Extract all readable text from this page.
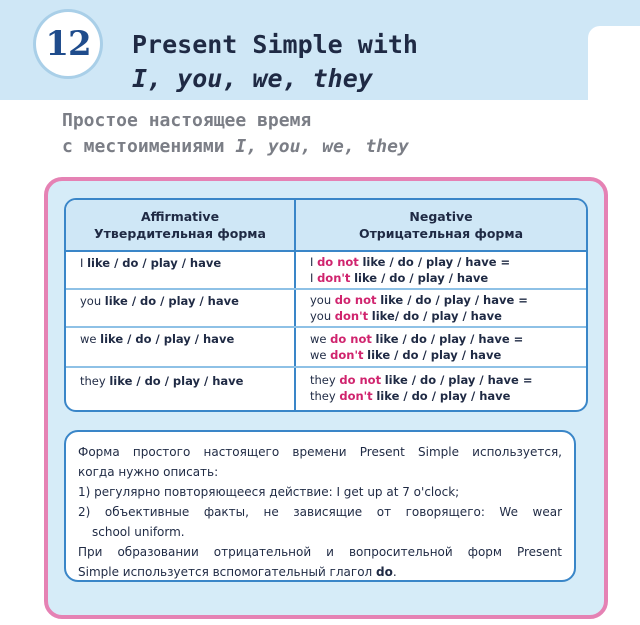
12 Present Simple with
I, you, we, they
Простое настоящее время
с местоимениями I, you, we, they
Affirmative
Утвердительная форма
Negative
Отрицательная форма
I like / do / play / have	I do not like / do / play / have =
I don't like / do / play / have
you like / do / play / have	you do not like / do / play / have =
you don't like/ do / play / have
we like / do / play / have	we do not like / do / play / have =
we don't like / do / play / have
they like / do / play / have	they do not like / do / play / have =
they don't like / do / play / have

Форма простого настоящего времени Present Simple используется,

когда нужно описать:

1) регулярно повторяющееся действие: I get up at 7 o'clock;

2) объективные факты, не зависящие от говорящего: We wear

school uniform.

При образовании отрицательной и вопросительной форм Present

Simple используется вспомогательный глагол do.
